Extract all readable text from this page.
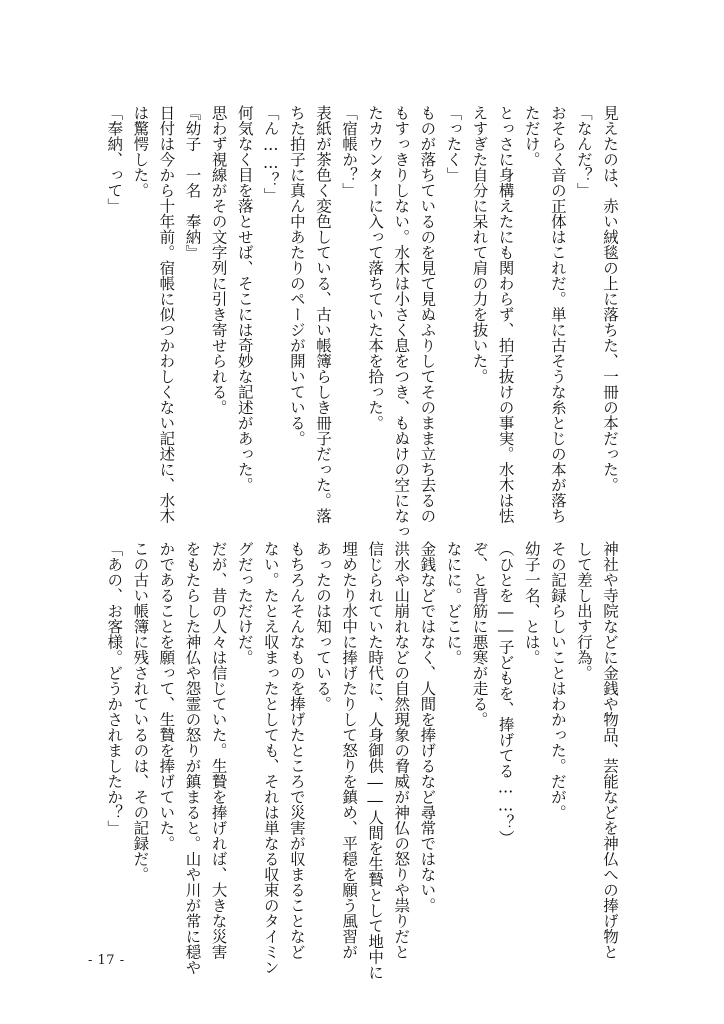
見えたのは、赤い絨毯の上に落ちた、一冊の本だった。
「なんだ？」
おそらく音の正体はこれだ。単に古そうな糸とじの本が落ち
ただけ。
とっさに身構えたにも関わらず、拍子抜けの事実。水木は怯
えすぎた自分に呆れて肩の力を抜いた。
「ったく」
ものが落ちているのを見て見ぬふりしてそのまま立ち去るの
もすっきりしない。水木は小さく息をつき、もぬけの空になっ
たカウンターに入って落ちていた本を拾った。
「宿帳か？」
表紙が茶色く変色している、古い帳簿らしき冊子だった。落
ちた拍子に真ん中あたりのページが開いている。
「ん……？」
何気なく目を落とせば、そこには奇妙な記述があった。
思わず視線がその文字列に引き寄せられる。
『幼子　一名　奉納』
日付は今から十年前。宿帳に似つかわしくない記述に、水木
は驚愕した。
「奉納、って」
神社や寺院などに金銭や物品、芸能などを神仏への捧げ物と
して差し出す行為。
その記録らしいことはわかった。だが。
幼子一名、とは。
（ひとを――子どもを、捧げてる……？）
ぞ、と背筋に悪寒が走る。
なにに。どこに。
金銭などではなく、人間を捧げるなど尋常ではない。
洪水や山崩れなどの自然現象の脅威が神仏の怒りや祟りだと
信じられていた時代に、人身御供――人間を生贄として地中に
埋めたり水中に捧げたりして怒りを鎮め、平穏を願う風習が
あったのは知っている。
もちろんそんなものを捧げたところで災害が収まることなど
ない。たとえ収まったとしても、それは単なる収束のタイミン
グだっただけだ。
だが、昔の人々は信じていた。生贄を捧げれば、大きな災害
をもたらした神仏や怨霊の怒りが鎮まると。山や川が常に穏や
かであることを願って、生贄を捧げていた。
この古い帳簿に残されているのは、その記録だ。
「あの、お客様。どうかされましたか？」
- 17 -
